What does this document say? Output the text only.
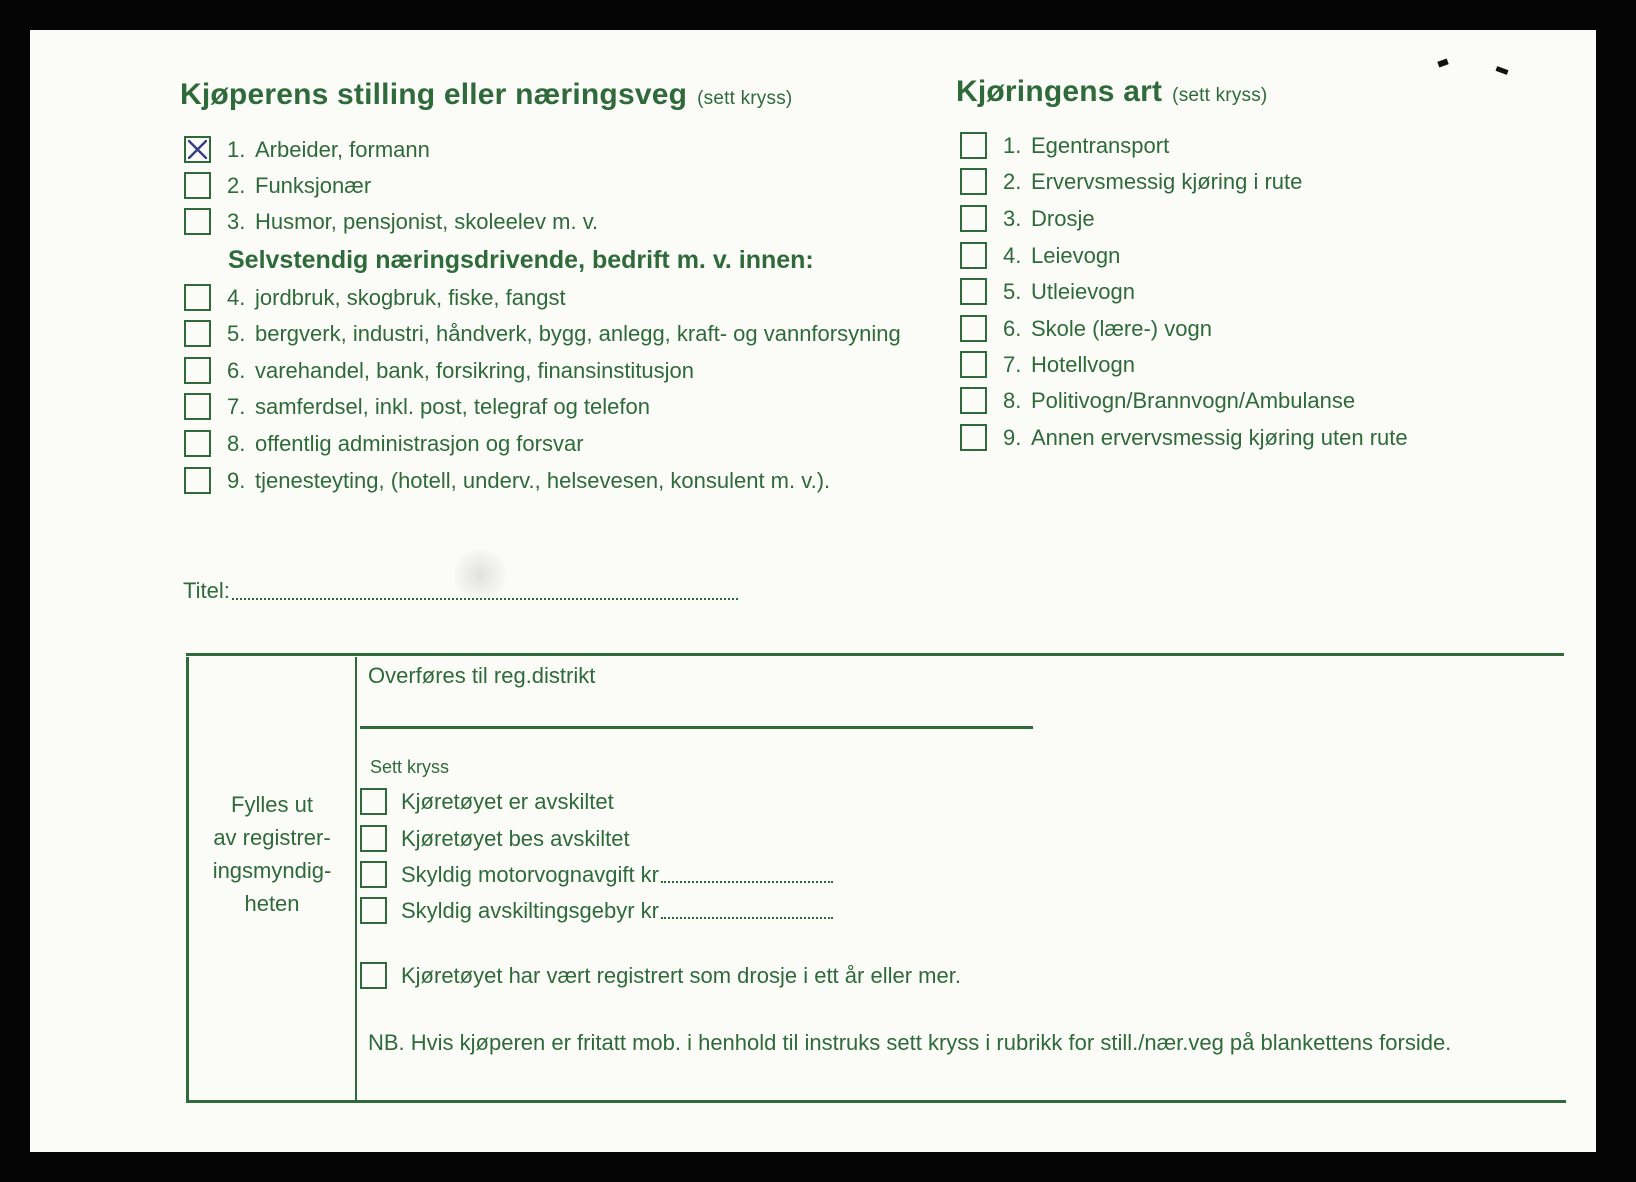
Kjøperens stilling eller næringsveg (sett kryss)	Kjøringens art (sett kryss)
1. Arbeider, formann
2. Funksjonær
3. Husmor, pensjonist, skoleelev m. v.
Selvstendig næringsdrivende, bedrift m. v. innen:
4. jordbruk, skogbruk, fiske, fangst
5. bergverk, industri, håndverk, bygg, anlegg, kraft- og vannforsyning
6. varehandel, bank, forsikring, finansinstitusjon
7. samferdsel, inkl. post, telegraf og telefon
8. offentlig administrasjon og forsvar
9. tjenesteyting, (hotell, underv., helsevesen, konsulent m. v.).
Titel:
1. Egentransport
2. Ervervsmessig kjøring i rute
3. Drosje
4. Leievogn
5. Utleievogn
6. Skole (lære-) vogn
7. Hotellvogn
8. Politivogn/Brannvogn/Ambulanse
9. Annen ervervsmessig kjøring uten rute
Fylles ut
av registrer-
ingsmyndig-
heten
Overføres til reg.distrikt
Sett kryss
Kjøretøyet er avskiltet
Kjøretøyet bes avskiltet
Skyldig motorvognavgift kr
Skyldig avskiltingsgebyr kr
Kjøretøyet har vært registrert som drosje i ett år eller mer.
NB. Hvis kjøperen er fritatt mob. i henhold til instruks sett kryss i rubrikk for still./nær.veg på blankettens forside.
